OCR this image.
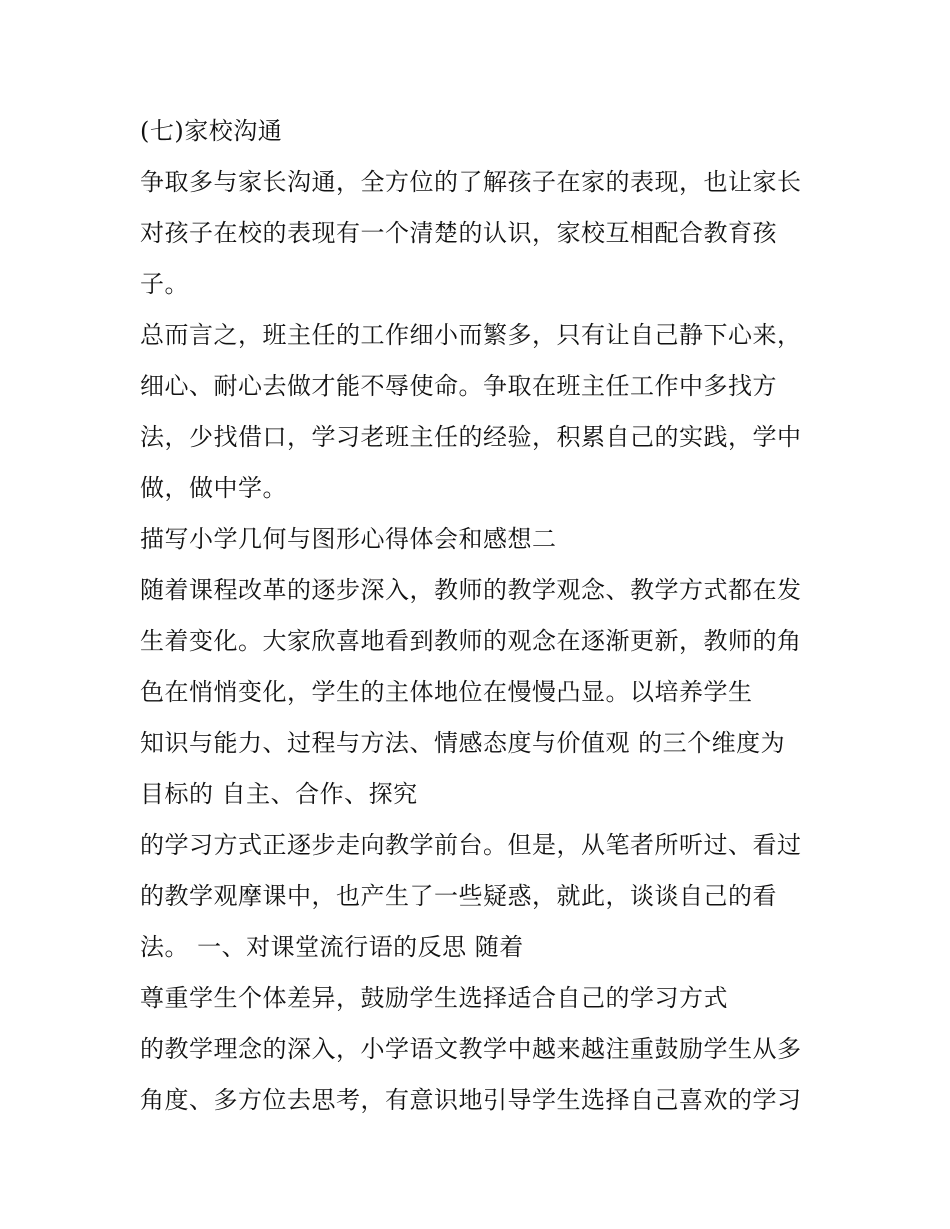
(七)家校沟通
争取多与家长沟通，全方位的了解孩子在家的表现，也让家长
对孩子在校的表现有一个清楚的认识，家校互相配合教育孩
子。
总而言之，班主任的工作细小而繁多，只有让自己静下心来，
细心、耐心去做才能不辱使命。争取在班主任工作中多找方
法，少找借口，学习老班主任的经验，积累自己的实践，学中
做，做中学。
描写小学几何与图形心得体会和感想二
随着课程改革的逐步深入，教师的教学观念、教学方式都在发
生着变化。大家欣喜地看到教师的观念在逐渐更新，教师的角
色在悄悄变化，学生的主体地位在慢慢凸显。以培养学生
知识与能力、过程与方法、情感态度与价值观 的三个维度为
目标的 自主、合作、探究
的学习方式正逐步走向教学前台。但是，从笔者所听过、看过
的教学观摩课中，也产生了一些疑惑，就此，谈谈自己的看
法。 一、对课堂流行语的反思 随着
尊重学生个体差异，鼓励学生选择适合自己的学习方式
的教学理念的深入，小学语文教学中越来越注重鼓励学生从多
角度、多方位去思考，有意识地引导学生选择自己喜欢的学习
